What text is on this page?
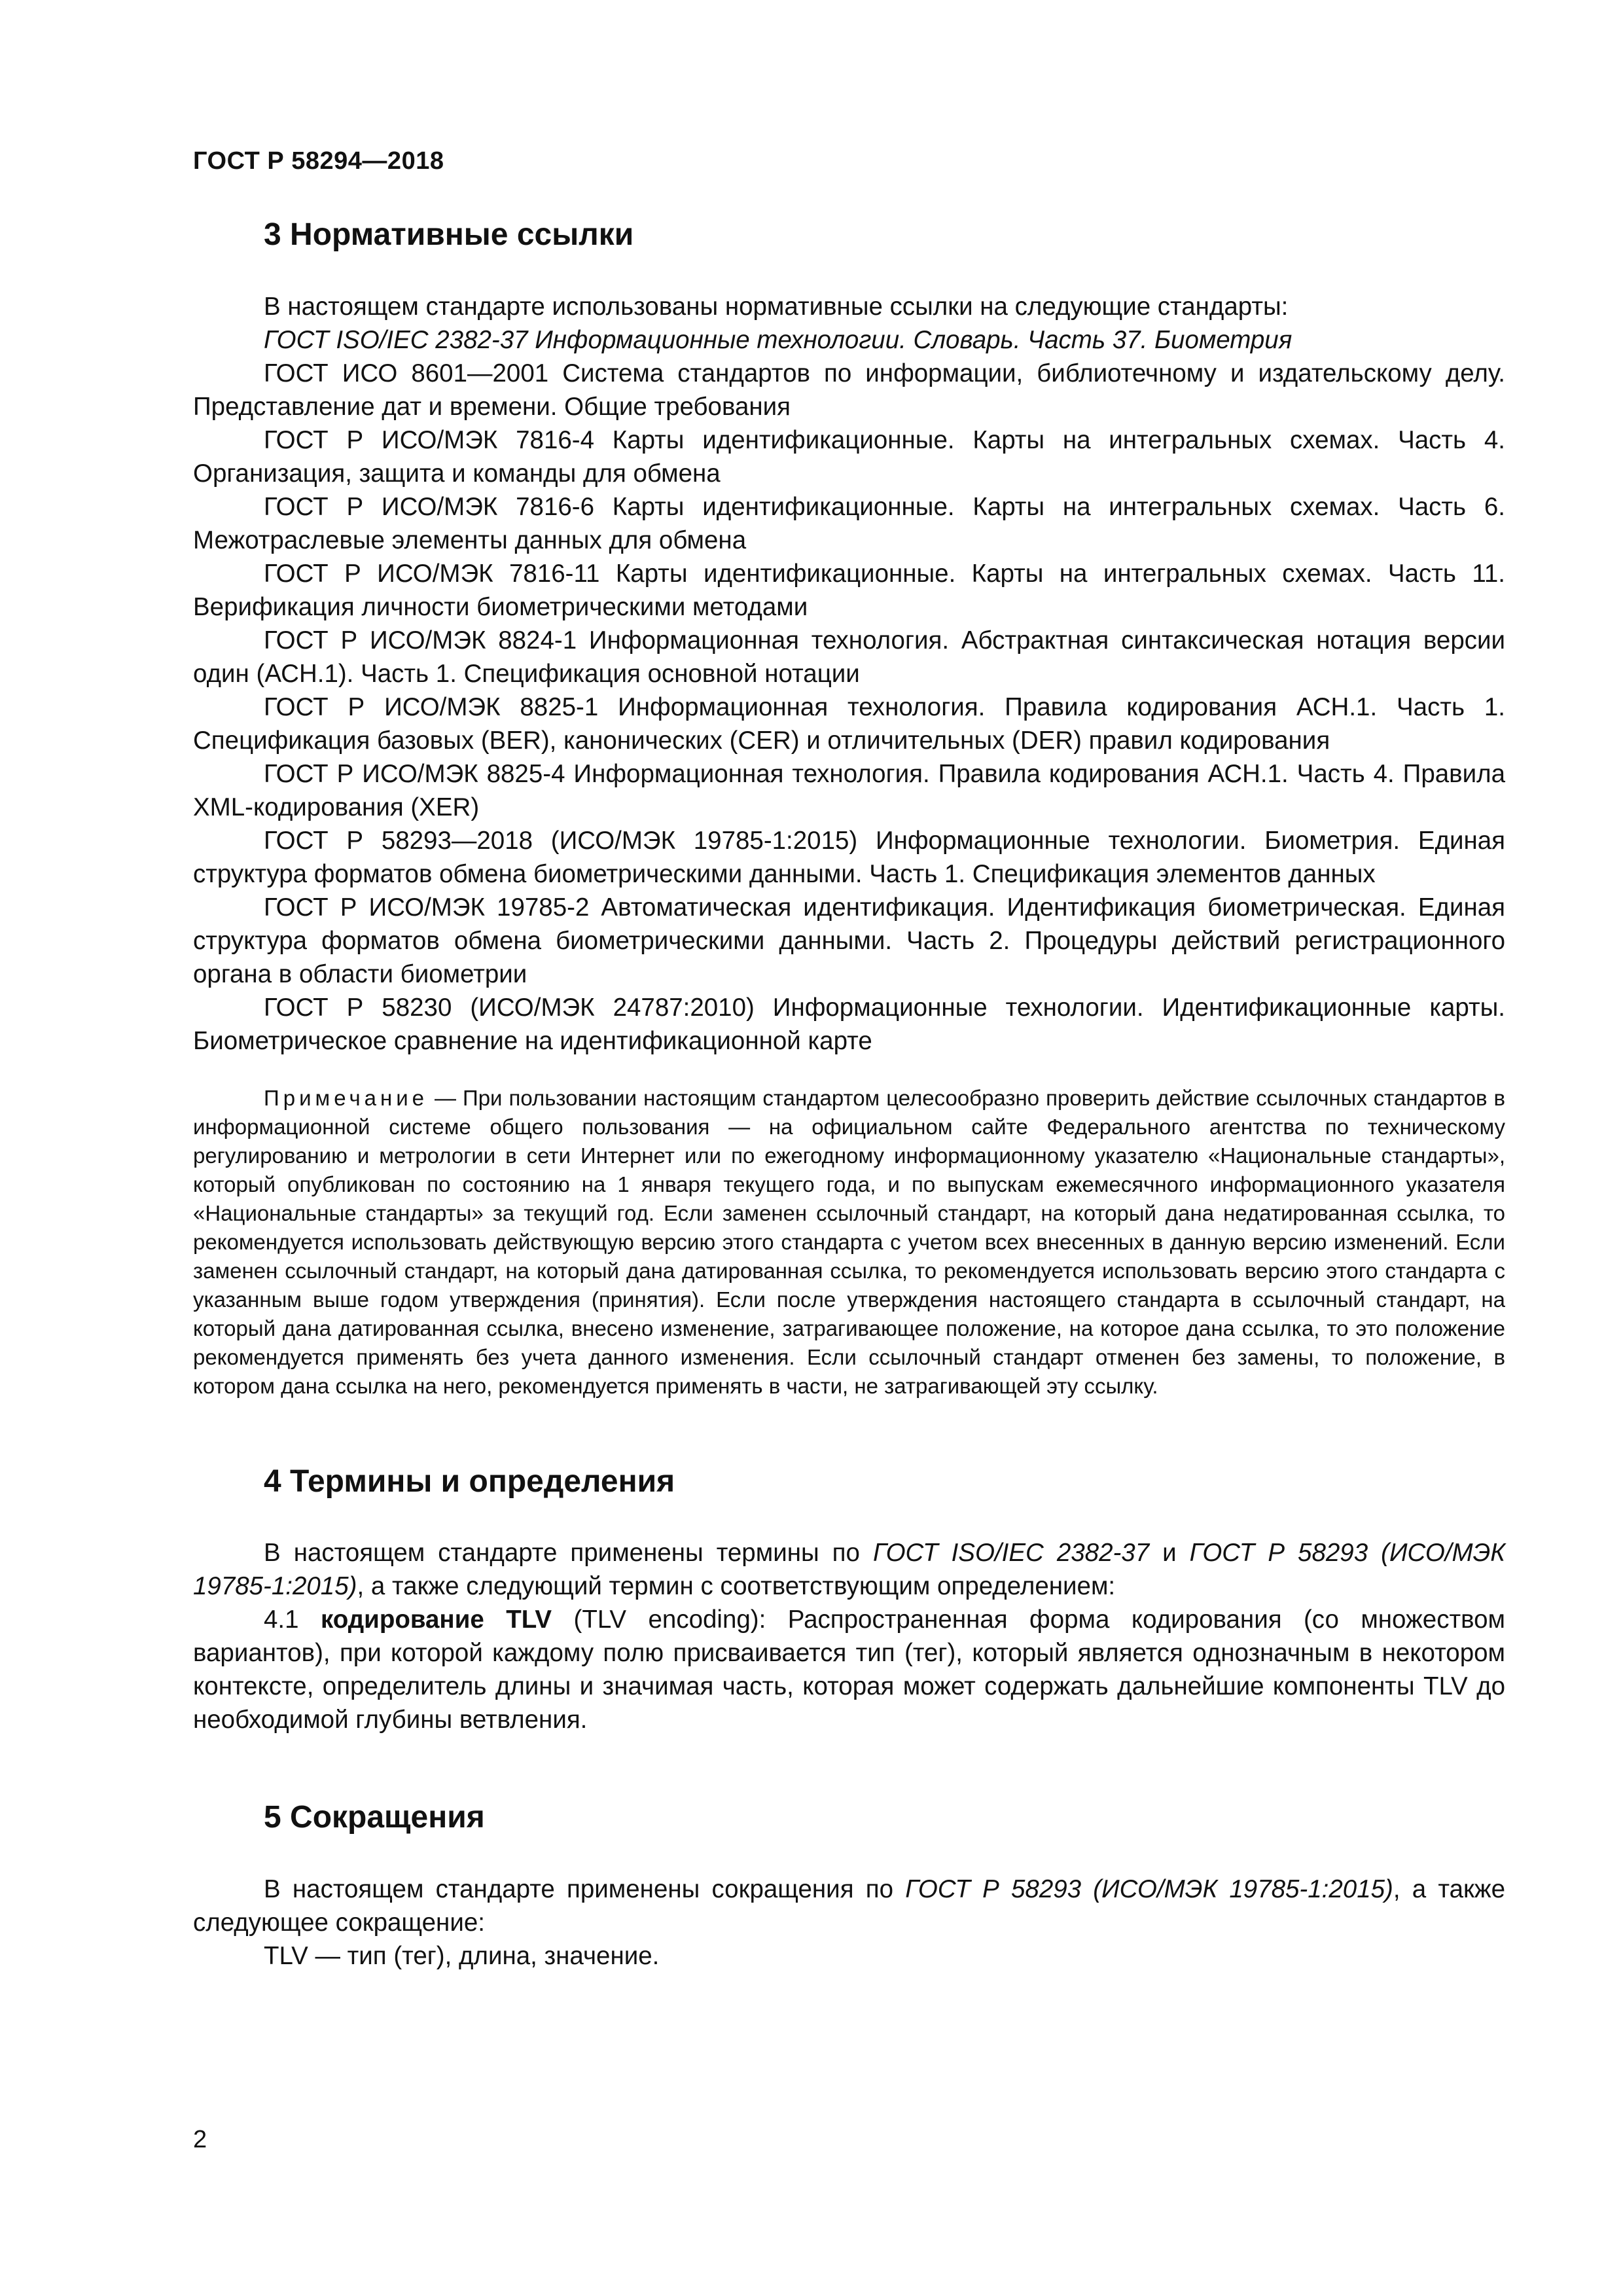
ГОСТ Р 58294—2018
3 Нормативные ссылки

В настоящем стандарте использованы нормативные ссылки на следующие стандарты:

ГОСТ ISO/IEC 2382-37 Информационные технологии. Словарь. Часть 37. Биометрия

ГОСТ ИСО 8601—2001 Система стандартов по информации, библиотечному и издательскому делу. Представление дат и времени. Общие требования

ГОСТ Р ИСО/МЭК 7816-4 Карты идентификационные. Карты на интегральных схемах. Часть 4. Организация, защита и команды для обмена

ГОСТ Р ИСО/МЭК 7816-6 Карты идентификационные. Карты на интегральных схемах. Часть 6. Межотраслевые элементы данных для обмена

ГОСТ Р ИСО/МЭК 7816-11 Карты идентификационные. Карты на интегральных схемах. Часть 11. Верификация личности биометрическими методами

ГОСТ Р ИСО/МЭК 8824-1 Информационная технология. Абстрактная синтаксическая нотация версии один (АСН.1). Часть 1. Спецификация основной нотации

ГОСТ Р ИСО/МЭК 8825-1 Информационная технология. Правила кодирования АСН.1. Часть 1. Спецификация базовых (BER), канонических (CER) и отличительных (DER) правил кодирования

ГОСТ Р ИСО/МЭК 8825-4 Информационная технология. Правила кодирования АСН.1. Часть 4. Правила XML-кодирования (XER)

ГОСТ Р 58293—2018 (ИСО/МЭК 19785-1:2015) Информационные технологии. Биометрия. Единая структура форматов обмена биометрическими данными. Часть 1. Спецификация элементов данных

ГОСТ Р ИСО/МЭК 19785-2 Автоматическая идентификация. Идентификация биометрическая. Единая структура форматов обмена биометрическими данными. Часть 2. Процедуры действий регистрационного органа в области биометрии

ГОСТ Р 58230 (ИСО/МЭК 24787:2010) Информационные технологии. Идентификационные карты. Биометрическое сравнение на идентификационной карте

Примечание — При пользовании настоящим стандартом целесообразно проверить действие ссылочных стандартов в информационной системе общего пользования — на официальном сайте Федерального агентства по техническому регулированию и метрологии в сети Интернет или по ежегодному информационному указателю «Национальные стандарты», который опубликован по состоянию на 1 января текущего года, и по выпускам ежемесячного информационного указателя «Национальные стандарты» за текущий год. Если заменен ссылочный стандарт, на который дана недатированная ссылка, то рекомендуется использовать действующую версию этого стандарта с учетом всех внесенных в данную версию изменений. Если заменен ссылочный стандарт, на который дана датированная ссылка, то рекомендуется использовать версию этого стандарта с указанным выше годом утверждения (принятия). Если после утверждения настоящего стандарта в ссылочный стандарт, на который дана датированная ссылка, внесено изменение, затрагивающее положение, на которое дана ссылка, то это положение рекомендуется применять без учета данного изменения. Если ссылочный стандарт отменен без замены, то положение, в котором дана ссылка на него, рекомендуется применять в части, не затрагивающей эту ссылку.

4 Термины и определения

В настоящем стандарте применены термины по ГОСТ ISO/IEC 2382-37 и ГОСТ Р 58293 (ИСО/МЭК 19785-1:2015), а также следующий термин с соответствующим определением:

4.1 кодирование TLV (TLV encoding): Распространенная форма кодирования (со множеством вариантов), при которой каждому полю присваивается тип (тег), который является однозначным в некотором контексте, определитель длины и значимая часть, которая может содержать дальнейшие компоненты TLV до необходимой глубины ветвления.

5 Сокращения

В настоящем стандарте применены сокращения по ГОСТ Р 58293 (ИСО/МЭК 19785-1:2015), а также следующее сокращение:

TLV — тип (тег), длина, значение.

2
